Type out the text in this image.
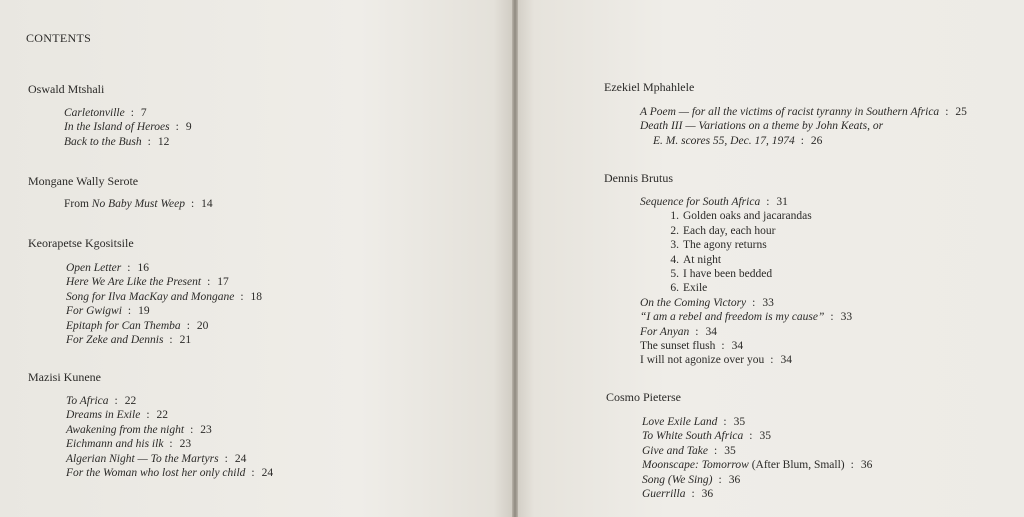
CONTENTS
Oswald Mtshali
Carletonville : 7
In the Island of Heroes : 9
Back to the Bush : 12
Mongane Wally Serote
From No Baby Must Weep : 14
Keorapetse Kgositsile
Open Letter : 16
Here We Are Like the Present : 17
Song for Ilva MacKay and Mongane : 18
For Gwigwi : 19
Epitaph for Can Themba : 20
For Zeke and Dennis : 21
Mazisi Kunene
To Africa : 22
Dreams in Exile : 22
Awakening from the night : 23
Eichmann and his ilk : 23
Algerian Night — To the Martyrs : 24
For the Woman who lost her only child : 24
Ezekiel Mphahlele
A Poem — for all the victims of racist tyranny in Southern Africa : 25
Death III — Variations on a theme by John Keats, or
E. M. scores 55, Dec. 17, 1974 : 26
Dennis Brutus
Sequence for South Africa : 31
1. Golden oaks and jacarandas
2. Each day, each hour
3. The agony returns
4. At night
5. I have been bedded
6. Exile
On the Coming Victory : 33
“I am a rebel and freedom is my cause” : 33
For Anyan : 34
The sunset flush : 34
I will not agonize over you : 34
Cosmo Pieterse
Love Exile Land : 35
To White South Africa : 35
Give and Take : 35
Moonscape: Tomorrow (After Blum, Small) : 36
Song (We Sing) : 36
Guerrilla : 36
